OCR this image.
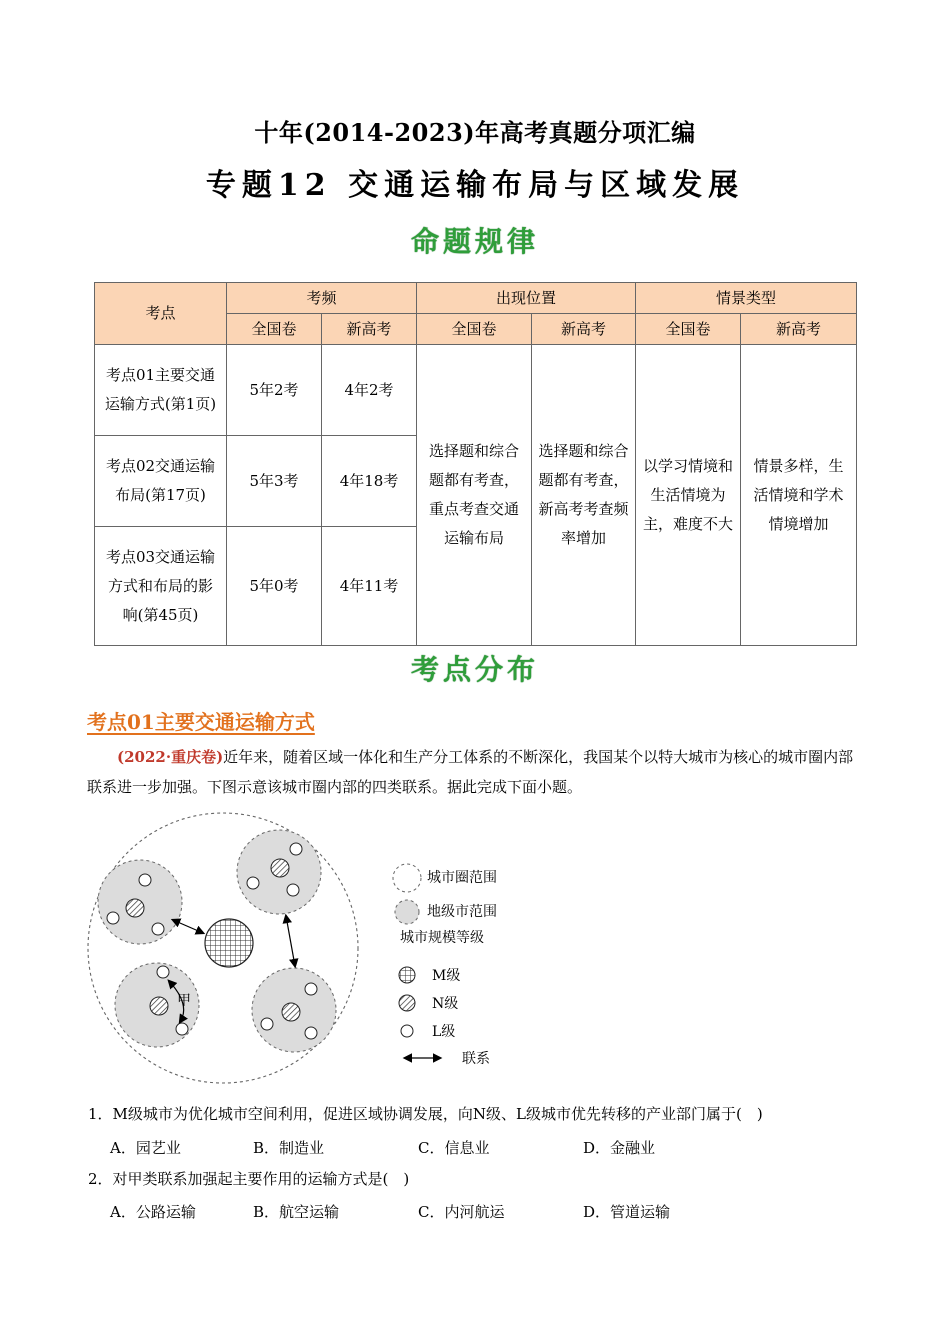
十年(2014-2023)年高考真题分项汇编
专题12 交通运输布局与区域发展
命题规律
考点	考频		出现位置		情景类型	
	全国卷	新高考	全国卷	新高考	全国卷	新高考
考点01主要交通运输方式(第1页)	5年2考	4年2考	选择题和综合题都有考查，重点考查交通运输布局	选择题和综合题都有考查，新高考考查频率增加	以学习情境和生活情境为主，难度不大	情景多样，生活情境和学术情境增加
考点02交通运输布局(第17页)	5年3考	4年18考				
考点03交通运输方式和布局的影响(第45页)	5年0考	4年11考				
考点分布
考点01主要交通运输方式
(2022·重庆卷)近年来，随着区域一体化和生产分工体系的不断深化，我国某个以特大城市为核心的城市圈内部联系进一步加强。下图示意该城市圈内部的四类联系。据此完成下面小题。
甲
城市圈范围
地级市范围
城市规模等级
M级
N级
L级
联系
1．M级城市为优化城市空间利用，促进区域协调发展，向N级、L级城市优先转移的产业部门属于(　)
A．园艺业	B．制造业	C．信息业	D．金融业
2．对甲类联系加强起主要作用的运输方式是(　)
A．公路运输	B．航空运输	C．内河航运	D．管道运输
